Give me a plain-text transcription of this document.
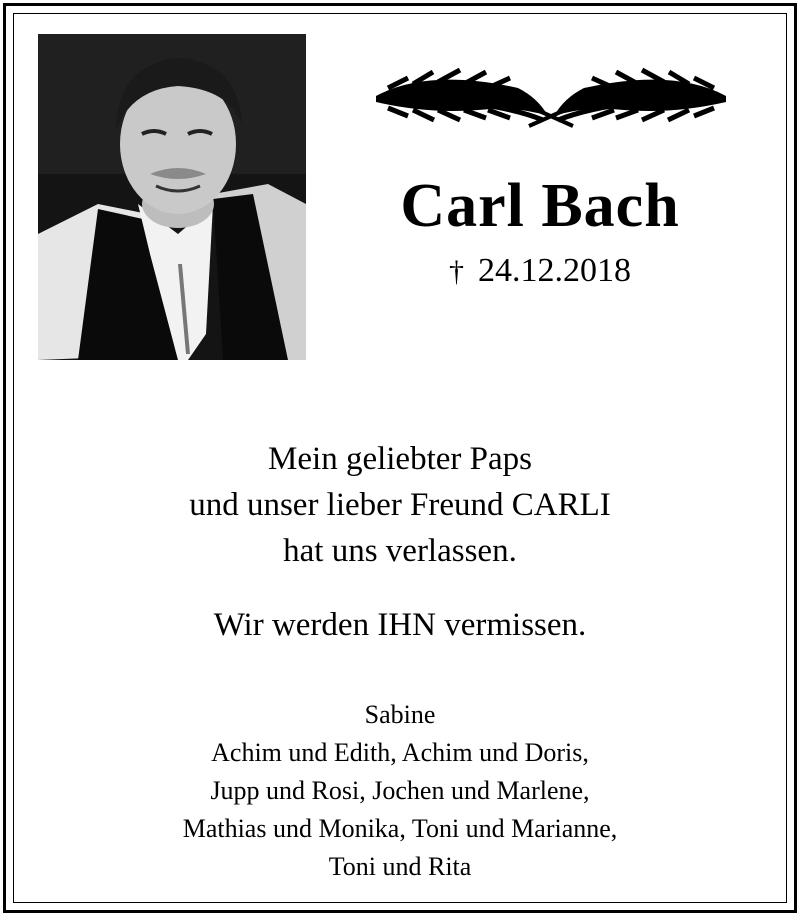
Carl Bach
† 24.12.2018
Mein geliebter Paps
und unser lieber Freund CARLI
hat uns verlassen.
Wir werden IHN vermissen.
Sabine
Achim und Edith, Achim und Doris,
Jupp und Rosi, Jochen und Marlene,
Mathias und Monika, Toni und Marianne,
Toni und Rita
